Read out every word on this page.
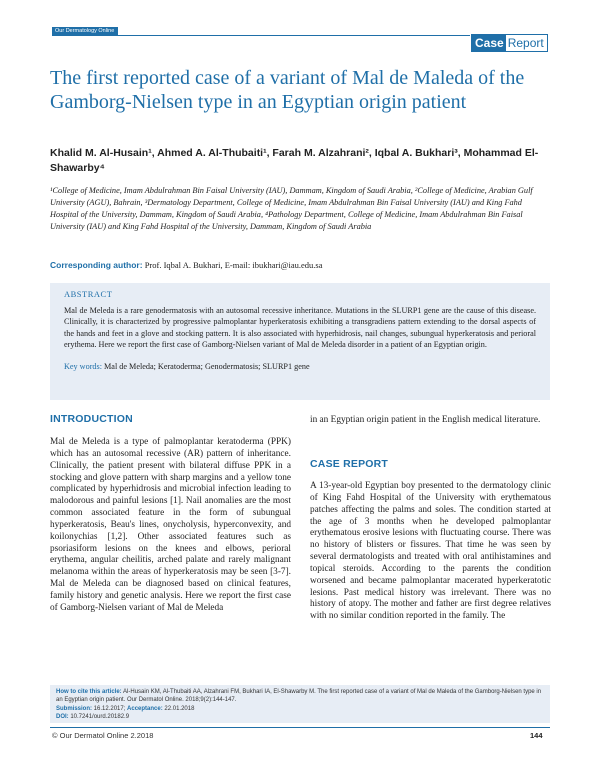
Our Dermatology Online
Case Report
The first reported case of a variant of Mal de Maleda of the Gamborg-Nielsen type in an Egyptian origin patient
Khalid M. Al-Husain¹, Ahmed A. Al-Thubaiti¹, Farah M. Alzahrani², Iqbal A. Bukhari³, Mohammad El-Shawarby⁴
¹College of Medicine, Imam Abdulrahman Bin Faisal University (IAU), Dammam, Kingdom of Saudi Arabia, ²College of Medicine, Arabian Gulf University (AGU), Bahrain, ³Dermatology Department, College of Medicine, Imam Abdulrahman Bin Faisal University (IAU) and King Fahd Hospital of the University, Dammam, Kingdom of Saudi Arabia, ⁴Pathology Department, College of Medicine, Imam Abdulrahman Bin Faisal University (IAU) and King Fahd Hospital of the University, Dammam, Kingdom of Saudi Arabia
Corresponding author: Prof. Iqbal A. Bukhari, E-mail: ibukhari@iau.edu.sa
ABSTRACT

Mal de Meleda is a rare genodermatosis with an autosomal recessive inheritance. Mutations in the SLURP1 gene are the cause of this disease. Clinically, it is characterized by progressive palmoplantar hyperkeratosis exhibiting a transgradiens pattern extending to the dorsal aspects of the hands and feet in a glove and stocking pattern. It is also associated with hyperhidrosis, nail changes, subungual hyperkeratosis and perioral erythema. Here we report the first case of Gamborg-Nielsen variant of Mal de Meleda disorder in a patient of an Egyptian origin.

Key words: Mal de Meleda; Keratoderma; Genodermatosis; SLURP1 gene
INTRODUCTION

Mal de Meleda is a type of palmoplantar keratoderma (PPK) which has an autosomal recessive (AR) pattern of inheritance. Clinically, the patient present with bilateral diffuse PPK in a stocking and glove pattern with sharp margins and a yellow tone complicated by hyperhidrosis and microbial infection leading to malodorous and painful lesions [1]. Nail anomalies are the most common associated feature in the form of subungual hyperkeratosis, Beau's lines, onycholysis, hyperconvexity, and koilonychias [1,2]. Other associated features such as psoriasiform lesions on the knees and elbows, perioral erythema, angular cheilitis, arched palate and rarely malignant melanoma within the areas of hyperkeratosis may be seen [3-7]. Mal de Meleda can be diagnosed based on clinical features, family history and genetic analysis. Here we report the first case of Gamborg-Nielsen variant of Mal de Meleda

in an Egyptian origin patient in the English medical literature.

CASE REPORT

A 13-year-old Egyptian boy presented to the dermatology clinic of King Fahd Hospital of the University with erythematous patches affecting the palms and soles. The condition started at the age of 3 months when he developed palmoplantar erythematous erosive lesions with fluctuating course. There was no history of blisters or fissures. That time he was seen by several dermatologists and treated with oral antihistamines and topical steroids. According to the parents the condition worsened and became palmoplantar macerated hyperkeratotic lesions. Past medical history was irrelevant. There was no history of atopy. The mother and father are first degree relatives with no similar condition reported in the family. The

How to cite this article: Al-Husain KM, Al-Thubaiti AA, Alzahrani FM, Bukhari IA, El-Shawarby M. The first reported case of a variant of Mal de Maleda of the Gamborg-Nielsen type in an Egyptian origin patient. Our Dermatol Online. 2018;9(2):144-147.
Submission: 16.12.2017; Acceptance: 22.01.2018
DOI: 10.7241/ourd.20182.9
© Our Dermatol Online 2.2018	144
